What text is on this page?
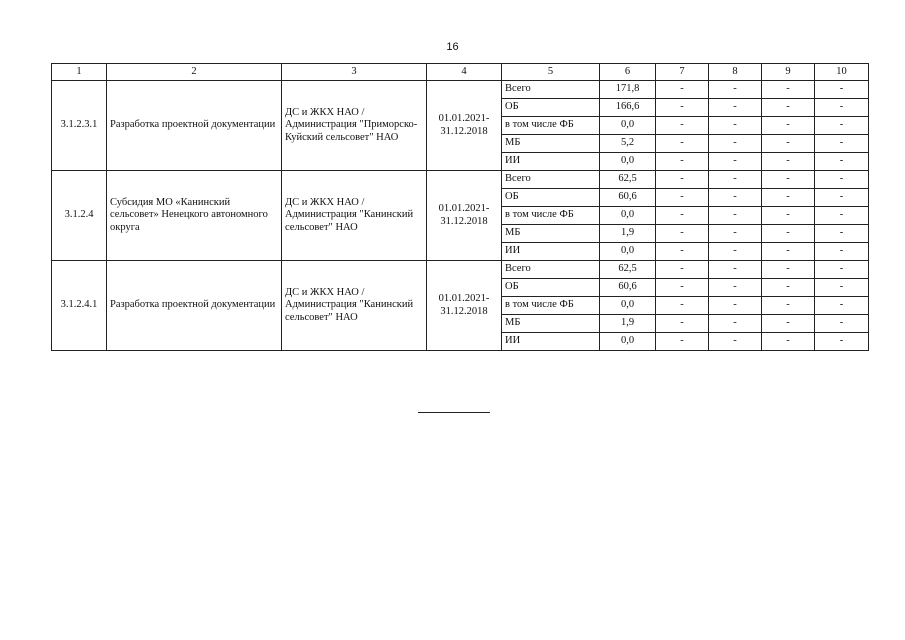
16
1	2	3	4	5	6	7	8	9	10
3.1.2.3.1	Разработка проектной документации	ДС и ЖКХ НАО / Администрация "Приморско-Куйский сельсовет" НАО	01.01.2021-31.12.2018	Всего	171,8	-	-	-	-
				ОБ	166,6	-	-	-	-
				в том числе ФБ	0,0	-	-	-	-
				МБ	5,2	-	-	-	-
				ИИ	0,0	-	-	-	-
3.1.2.4	Субсидия МО «Канинский сельсовет» Ненецкого автономного округа	ДС и ЖКХ НАО / Администрация "Канинский сельсовет" НАО	01.01.2021-31.12.2018	Всего	62,5	-	-	-	-
				ОБ	60,6	-	-	-	-
				в том числе ФБ	0,0	-	-	-	-
				МБ	1,9	-	-	-	-
				ИИ	0,0	-	-	-	-
3.1.2.4.1	Разработка проектной документации	ДС и ЖКХ НАО / Администрация "Канинский сельсовет" НАО	01.01.2021-31.12.2018	Всего	62,5	-	-	-	-
				ОБ	60,6	-	-	-	-
				в том числе ФБ	0,0	-	-	-	-
				МБ	1,9	-	-	-	-
				ИИ	0,0	-	-	-	-
